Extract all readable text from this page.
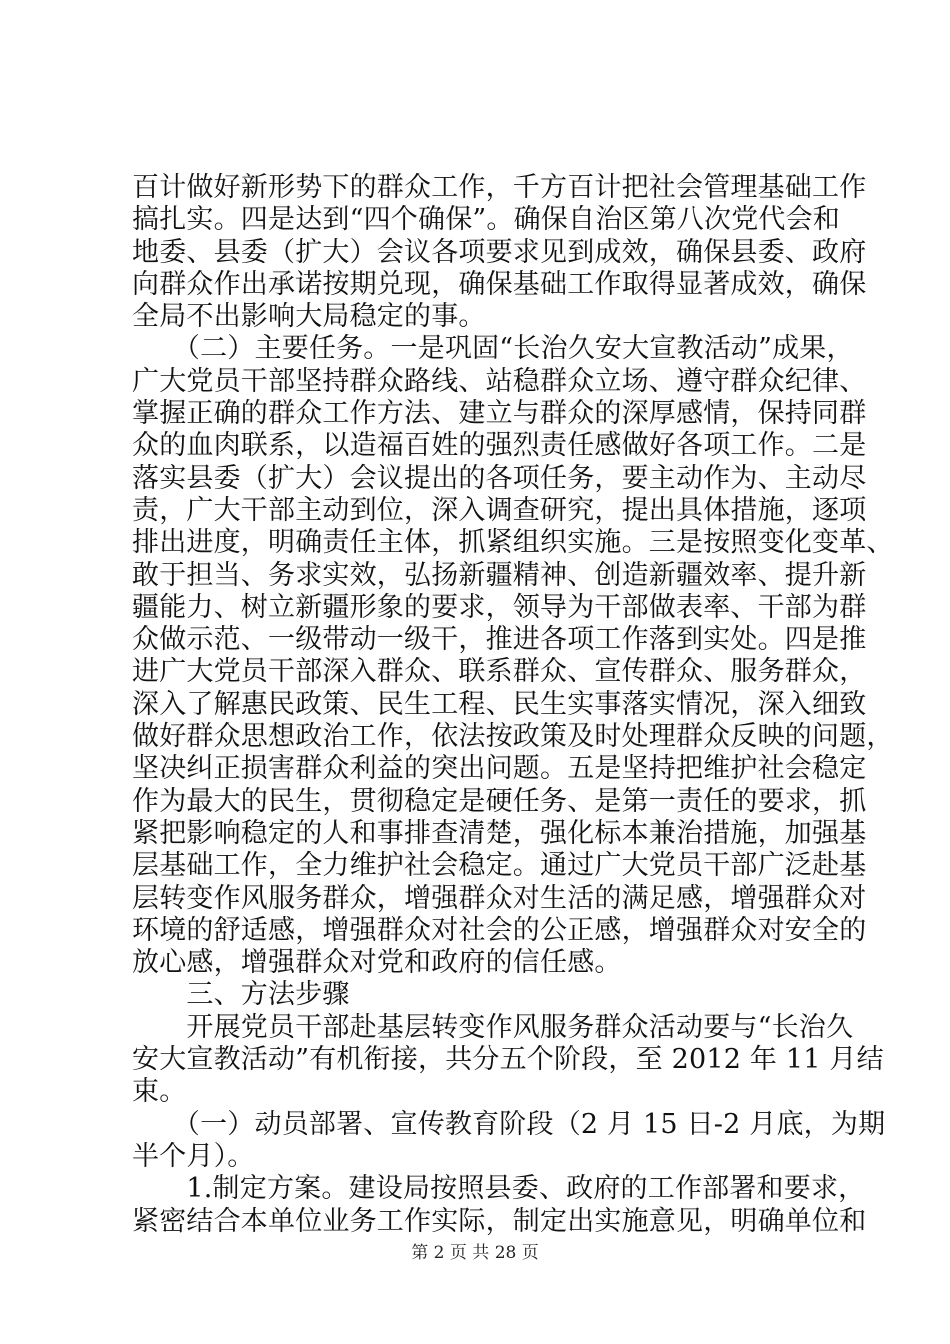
百计做好新形势下的群众工作，千方百计把社会管理基础工作
搞扎实。四是达到“四个确保”。确保自治区第八次党代会和
地委、县委（扩大）会议各项要求见到成效，确保县委、政府
向群众作出承诺按期兑现，确保基础工作取得显著成效，确保
全局不出影响大局稳定的事。
　　（二）主要任务。一是巩固“长治久安大宣教活动”成果，
广大党员干部坚持群众路线、站稳群众立场、遵守群众纪律、
掌握正确的群众工作方法、建立与群众的深厚感情，保持同群
众的血肉联系，以造福百姓的强烈责任感做好各项工作。二是
落实县委（扩大）会议提出的各项任务，要主动作为、主动尽
责，广大干部主动到位，深入调查研究，提出具体措施，逐项
排出进度，明确责任主体，抓紧组织实施。三是按照变化变革、
敢于担当、务求实效，弘扬新疆精神、创造新疆效率、提升新
疆能力、树立新疆形象的要求，领导为干部做表率、干部为群
众做示范、一级带动一级干，推进各项工作落到实处。四是推
进广大党员干部深入群众、联系群众、宣传群众、服务群众，
深入了解惠民政策、民生工程、民生实事落实情况，深入细致
做好群众思想政治工作，依法按政策及时处理群众反映的问题，
坚决纠正损害群众利益的突出问题。五是坚持把维护社会稳定
作为最大的民生，贯彻稳定是硬任务、是第一责任的要求，抓
紧把影响稳定的人和事排查清楚，强化标本兼治措施，加强基
层基础工作，全力维护社会稳定。通过广大党员干部广泛赴基
层转变作风服务群众，增强群众对生活的满足感，增强群众对
环境的舒适感，增强群众对社会的公正感，增强群众对安全的
放心感，增强群众对党和政府的信任感。
　　三、方法步骤
　　开展党员干部赴基层转变作风服务群众活动要与“长治久
安大宣教活动”有机衔接，共分五个阶段，至 2012 年 11 月结
束。
　　（一）动员部署、宣传教育阶段（2 月 15 日-2 月底，为期
半个月）。
　　1.制定方案。建设局按照县委、政府的工作部署和要求，
紧密结合本单位业务工作实际，制定出实施意见，明确单位和
第 2 页 共 28 页
